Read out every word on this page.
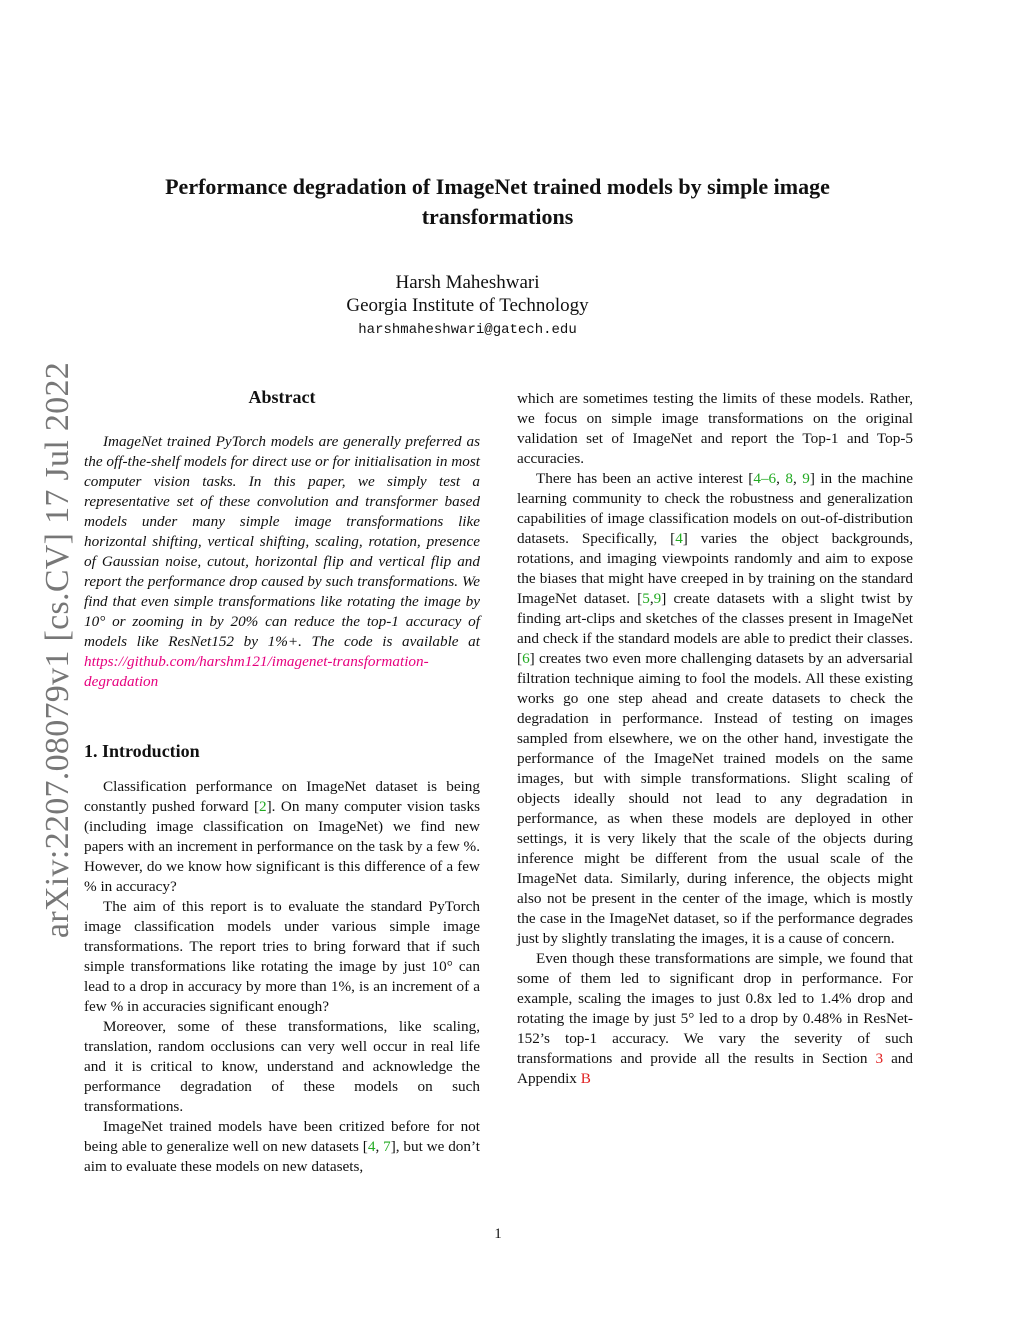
arXiv:2207.08079v1 [cs.CV] 17 Jul 2022
Performance degradation of ImageNet trained models by simple image transformations
Harsh Maheshwari
Georgia Institute of Technology
harshmaheshwari@gatech.edu
Abstract

ImageNet trained PyTorch models are generally preferred as the off-the-shelf models for direct use or for initialisation in most computer vision tasks. In this paper, we simply test a representative set of these convolution and transformer based models under many simple image transformations like horizontal shifting, vertical shifting, scaling, rotation, presence of Gaussian noise, cutout, horizontal flip and vertical flip and report the performance drop caused by such transformations. We find that even simple transformations like rotating the image by 10° or zooming in by 20% can reduce the top-1 accuracy of models like ResNet152 by 1%+. The code is available at https://github.com/harshm121/imagenet-transformation-degradation

1. Introduction

Classification performance on ImageNet dataset is being constantly pushed forward [2]. On many computer vision tasks (including image classification on ImageNet) we find new papers with an increment in performance on the task by a few %. However, do we know how significant is this difference of a few % in accuracy?

The aim of this report is to evaluate the standard PyTorch image classification models under various simple image transformations. The report tries to bring forward that if such simple transformations like rotating the image by just 10° can lead to a drop in accuracy by more than 1%, is an increment of a few % in accuracies significant enough?

Moreover, some of these transformations, like scaling, translation, random occlusions can very well occur in real life and it is critical to know, understand and acknowledge the performance degradation of these models on such transformations.

ImageNet trained models have been critized before for not being able to generalize well on new datasets [4, 7], but we don’t aim to evaluate these models on new datasets,

which are sometimes testing the limits of these models. Rather, we focus on simple image transformations on the original validation set of ImageNet and report the Top-1 and Top-5 accuracies.

There has been an active interest [4–6, 8, 9] in the machine learning community to check the robustness and generalization capabilities of image classification models on out-of-distribution datasets. Specifically, [4] varies the object backgrounds, rotations, and imaging viewpoints randomly and aim to expose the biases that might have creeped in by training on the standard ImageNet dataset. [5,9] create datasets with a slight twist by finding art-clips and sketches of the classes present in ImageNet and check if the standard models are able to predict their classes. [6] creates two even more challenging datasets by an adversarial filtration technique aiming to fool the models. All these existing works go one step ahead and create datasets to check the degradation in performance. Instead of testing on images sampled from elsewhere, we on the other hand, investigate the performance of the ImageNet trained models on the same images, but with simple transformations. Slight scaling of objects ideally should not lead to any degradation in performance, as when these models are deployed in other settings, it is very likely that the scale of the objects during inference might be different from the usual scale of the ImageNet data. Similarly, during inference, the objects might also not be present in the center of the image, which is mostly the case in the ImageNet dataset, so if the performance degrades just by slightly translating the images, it is a cause of concern.

Even though these transformations are simple, we found that some of them led to significant drop in performance. For example, scaling the images to just 0.8x led to 1.4% drop and rotating the image by just 5° led to a drop by 0.48% in ResNet-152’s top-1 accuracy. We vary the severity of such transformations and provide all the results in Section 3 and Appendix B

1
